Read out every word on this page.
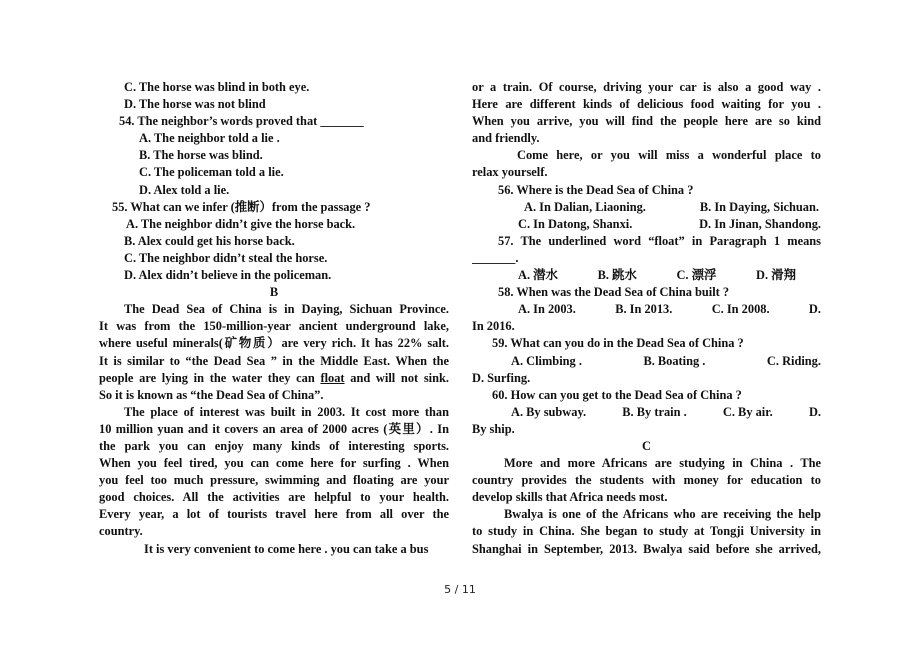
C. The horse was blind in both eye.
D. The horse was not blind
54. The neighbor’s words proved that _______
A. The neighbor told a lie .
B. The horse was blind.
C. The policeman told a lie.
D. Alex told a lie.
55. What can we infer (推断）from the passage ?
A. The neighbor didn’t give the horse back.
B. Alex could get his horse back.
C. The neighbor didn’t steal the horse.
D. Alex didn’t believe in the policeman.
B
The Dead Sea of China is in Daying, Sichuan Province.
It was from the 150-million-year ancient underground lake,
where useful minerals(矿物质）are very rich. It has 22% salt.
It is similar to “the Dead Sea ” in the Middle East. When the
people are lying in the water they can float and will not sink.
So it is known as “the Dead Sea of China”.
The place of interest was built in 2003. It cost more than
10 million yuan and it covers an area of 2000 acres (英里）. In
the park you can enjoy many kinds of interesting sports.
When you feel tired, you can come here for surfing . When
you feel too much pressure, swimming and floating are your
good choices. All the activities are helpful to your health.
Every year, a lot of tourists travel here from all over the
country.
It is very convenient to come here . you can take a bus
or a train. Of course, driving your car is also a good way .
Here are different kinds of delicious food waiting for you .
When you arrive, you will find the people here are so kind
and friendly.
Come here, or you will miss a wonderful place to
relax yourself.
56. Where is the Dead Sea of China ?
A. In Dalian, Liaoning.	B. In Daying, Sichuan.
C. In Datong, Shanxi.	D. In Jinan, Shandong.
57. The underlined word “float” in Paragraph 1 means
_______.
A. 潜水	B. 跳水	C. 漂浮	D. 滑翔
58. When was the Dead Sea of China built ?
A. In 2003.	B. In 2013.	C. In 2008.	D.
In 2016.
59. What can you do in the Dead Sea of China ?
A. Climbing .	B. Boating .	C. Riding.
D. Surfing.
60. How can you get to the Dead Sea of China ?
A. By subway.	B. By train .	C. By air.	D.
By ship.
C
More and more Africans are studying in China . The
country provides the students with money for education to
develop skills that Africa needs most.
Bwalya is one of the Africans who are receiving the help
to study in China. She began to study at Tongji University in
Shanghai in September, 2013. Bwalya said before she arrived,
5 / 11
